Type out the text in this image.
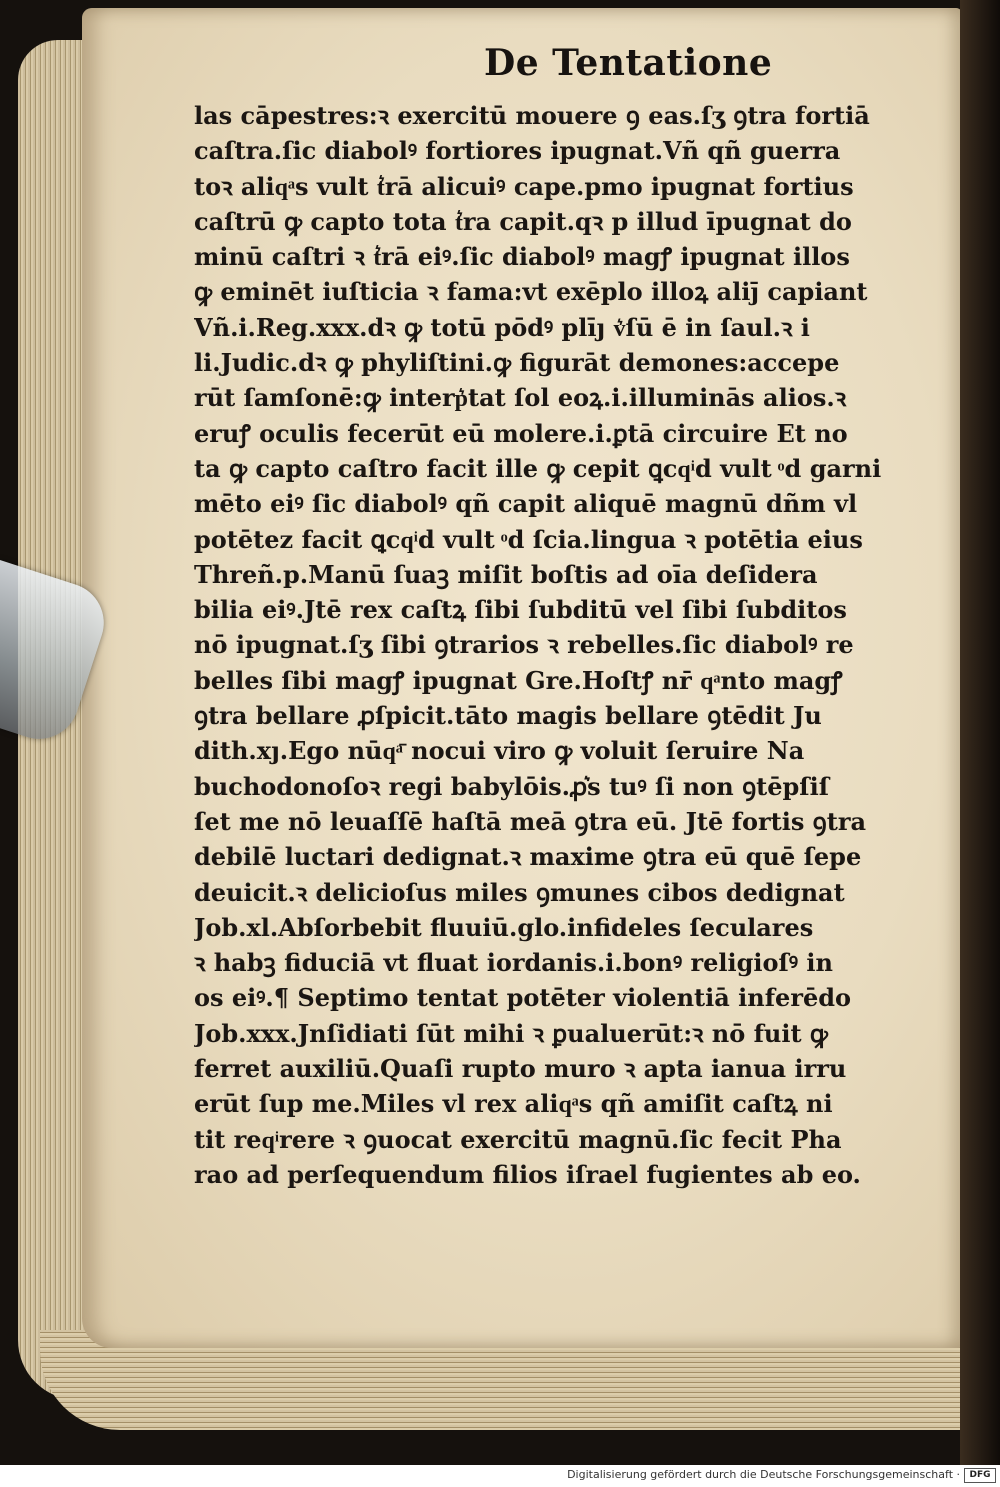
De Tentatione
las cāpestres:ꝛ exercitū mouere ꝯ eas.ſʒ ꝯtra fortiā
caſtra.ſic diabolꝰ fortiores ipugnat.Vñ qñ guerra
toꝛ aliqͣs vult t͛rā alicuiꝰ cape.pmo ipugnat fortius
caſtrū ꝙ capto tota t͛ra capit.qꝛ p illud īpugnat do
minū caſtri ꝛ t͛rā eiꝰ.ſic diabolꝰ magꝭ ipugnat illos
ꝙ eminēt iuſticia ꝛ fama:vt exēplo illoꝝ aliȷ̄ capiant
Vñ.i.Reg.xxx.dꝛ ꝙ totū pōdꝰ plīȷ v͛ſū ē in ſaul.ꝛ i
li.Judic.dꝛ ꝙ phyliſtini.ꝙ figurāt demones:accepe
rūt ſamſonē:ꝙ interp͛tat ſol eoꝝ.i.illuminās alios.ꝛ
eruꝭ oculis fecerūt eū molere.i.ꝑtā circuire Et no
ta ꝙ capto caſtro facit ille ꝙ cepit ꝗcqͥd vult ͦd garni
mēto eiꝰ ſic diabolꝰ qñ capit aliquē magnū dñm vl
potētez facit ꝗcqͥd vult ͦd ſcia.lingua ꝛ potētia eius
Threñ.p.Manū ſuaꝫ miſit boſtis ad oīa deſidera
bilia eiꝰ.Jtē rex caſtꝝ ſibi ſubditū vel ſibi ſubditos
nō ipugnat.ſʒ ſibi ꝯtrarios ꝛ rebelles.ſic diabolꝰ re
belles ſibi magꝭ ipugnat Gre.Hoſtꝭ nr̄ qͣnto magꝭ
ꝯtra bellare ꝓſpicit.tāto magis bellare ꝯtēdit Ju
dith.xȷ.Ego nūqͣ̄ nocui viro ꝙ voluit ſeruire Na
buchodonoſoꝛ regi babylōis.ꝓ͛s tuꝰ ſi non ꝯtēpſiſ
ſet me nō leuaſſē haſtā meā ꝯtra eū. Jtē fortis ꝯtra
debilē luctari dedignat.ꝛ maxime ꝯtra eū quē ſepe
deuicit.ꝛ delicioſus miles ꝯmunes cibos dedignat
Job.xl.Abſorbebit fluuiū.glo.infideles ſeculares
ꝛ habꝫ fiduciā vt fluat iordanis.i.bonꝰ religioſꝰ in
os eiꝰ.¶ Septimo tentat potēter violentiā inferēdo
Job.xxx.Jnſidiati ſūt mihi ꝛ ꝑualuerūt:ꝛ nō fuit ꝙ
ferret auxiliū.Quaſi rupto muro ꝛ apta ianua irru
erūt ſup me.Miles vl rex aliqͣs qñ amiſit caſtꝝ ni
tit reqͥrere ꝛ ꝯuocat exercitū magnū.ſic fecit Pha
rao ad perſequendum filios iſrael fugientes ab eo.
Digitalisierung gefördert durch die Deutsche Forschungsgemeinschaft ·	DFG
